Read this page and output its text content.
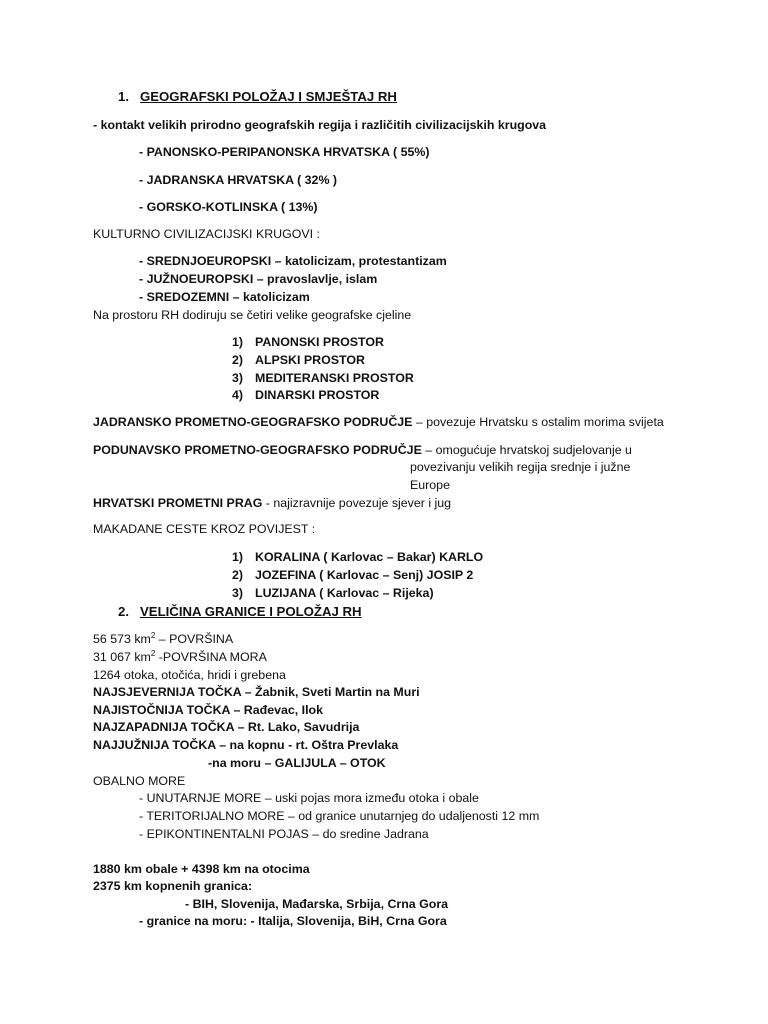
1. GEOGRAFSKI POLOŽAJ I SMJEŠTAJ RH
- kontakt velikih prirodno geografskih regija i različitih civilizacijskih krugova
- PANONSKO-PERIPANONSKA HRVATSKA ( 55%)
- JADRANSKA HRVATSKA ( 32% )
- GORSKO-KOTLINSKA ( 13%)
KULTURNO CIVILIZACIJSKI KRUGOVI :
- SREDNJOEUROPSKI – katolicizam, protestantizam
- JUŽNOEUROPSKI – pravoslavlje, islam
- SREDOZEMNI – katolicizam
Na prostoru RH dodiruju se četiri velike geografske cjeline
1) PANONSKI PROSTOR
2) ALPSKI PROSTOR
3) MEDITERANSKI PROSTOR
4) DINARSKI PROSTOR
JADRANSKO PROMETNO-GEOGRAFSKO PODRUČJE – povezuje Hrvatsku s ostalim morima svijeta
PODUNAVSKO PROMETNO-GEOGRAFSKO PODRUČJE – omogućuje hrvatskoj sudjelovanje u
povezivanju velikih regija srednje i južne
Europe
HRVATSKI PROMETNI PRAG - najizravnije povezuje sjever i jug
MAKADANE CESTE KROZ POVIJEST :
1) KORALINA ( Karlovac – Bakar) KARLO
2) JOZEFINA ( Karlovac – Senj) JOSIP 2
3) LUZIJANA ( Karlovac – Rijeka)
2. VELIČINA GRANICE I POLOŽAJ RH
56 573 $km^2$ – POVRŠINA
31 067 $km^2$ -POVRŠINA MORA
1264 otoka, otočića, hridi i grebena
NAJSJEVERNIJA TOČKA – Žabnik, Sveti Martin na Muri
NAJISTOČNIJA TOČKA – Rađevac, Ilok
NAJZAPADNIJA TOČKA – Rt. Lako, Savudrija
NAJJUŽNIJA TOČKA – na kopnu - rt. Oštra Prevlaka
-na moru – GALIJULA – OTOK
OBALNO MORE
- UNUTARNJE MORE – uski pojas mora između otoka i obale
- TERITORIJALNO MORE – od granice unutarnjeg do udaljenosti 12 mm
- EPIKONTINENTALNI POJAS – do sredine Jadrana
1880 km obale + 4398 km na otocima
2375 km kopnenih granica:
- BIH, Slovenija, Mađarska, Srbija, Crna Gora
- granice na moru: - Italija, Slovenija, BiH, Crna Gora
